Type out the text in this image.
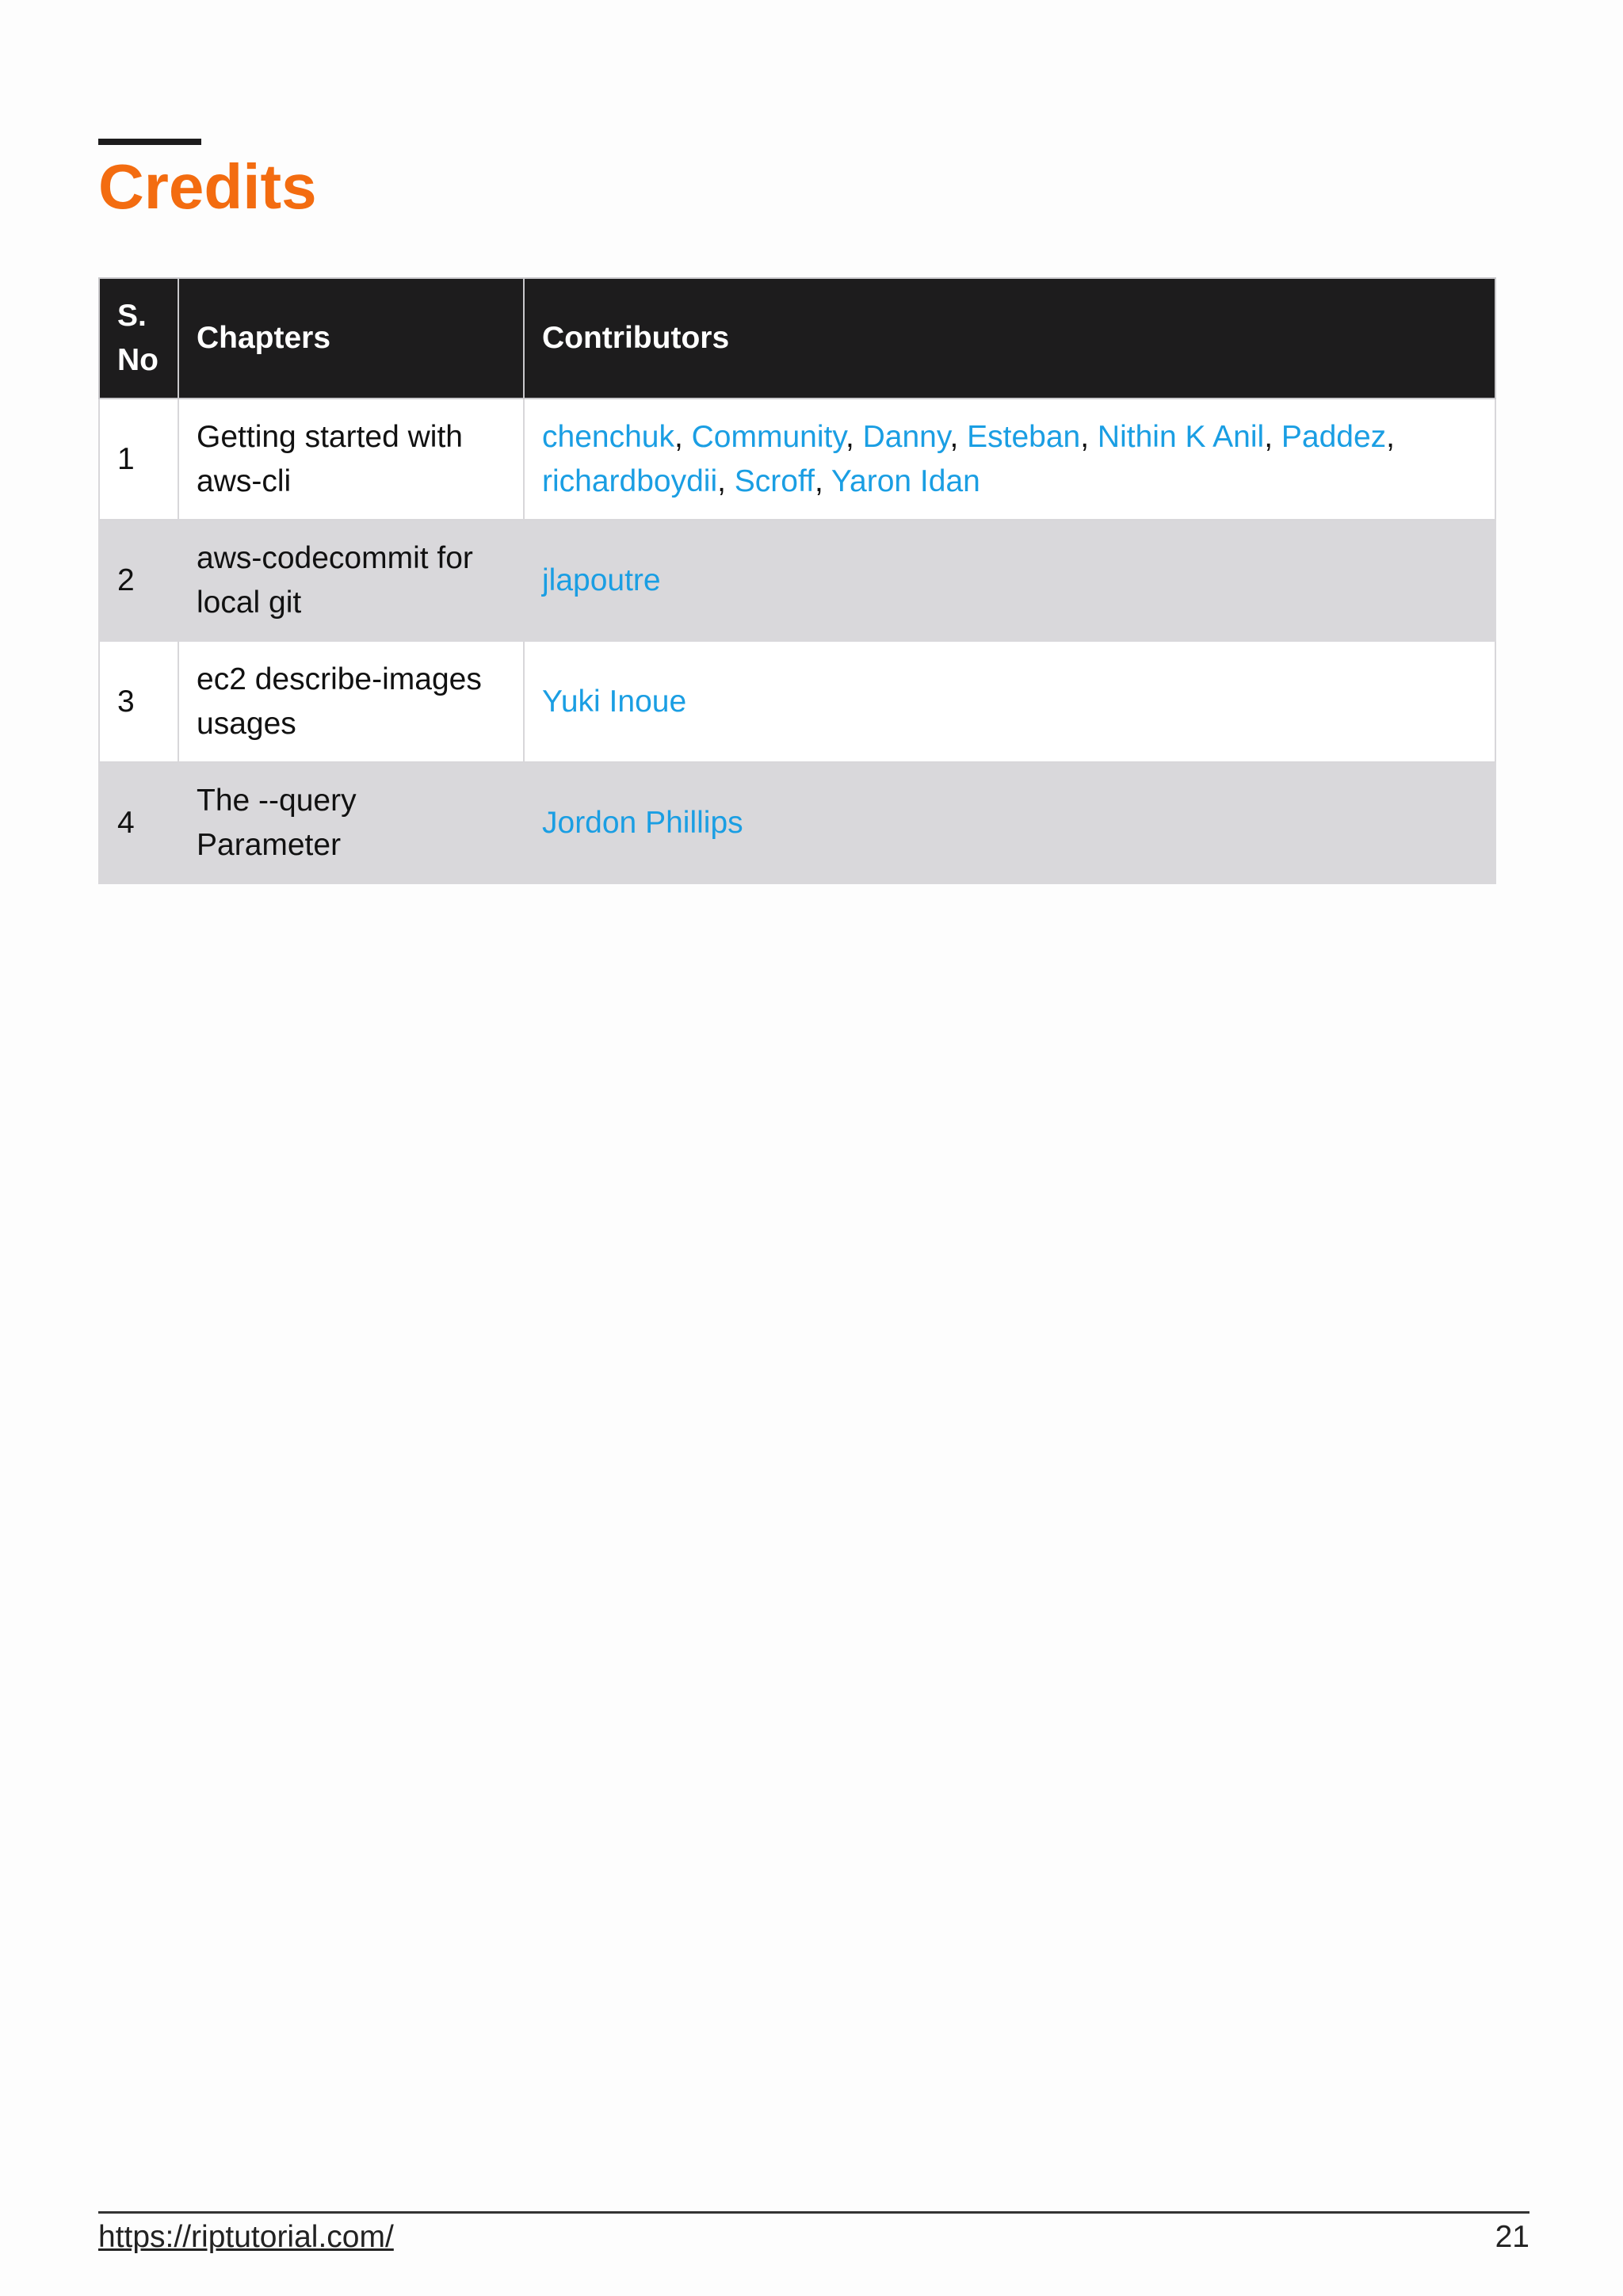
Credits
S. No	Chapters	Contributors
1	Getting started with aws-cli	chenchuk, Community, Danny, Esteban, Nithin K Anil, Paddez, richardboydii, Scroff, Yaron Idan
2	aws-codecommit for local git	jlapoutre
3	ec2 describe-images usages	Yuki Inoue
4	The --query Parameter	Jordon Phillips
https://riptutorial.com/	21
